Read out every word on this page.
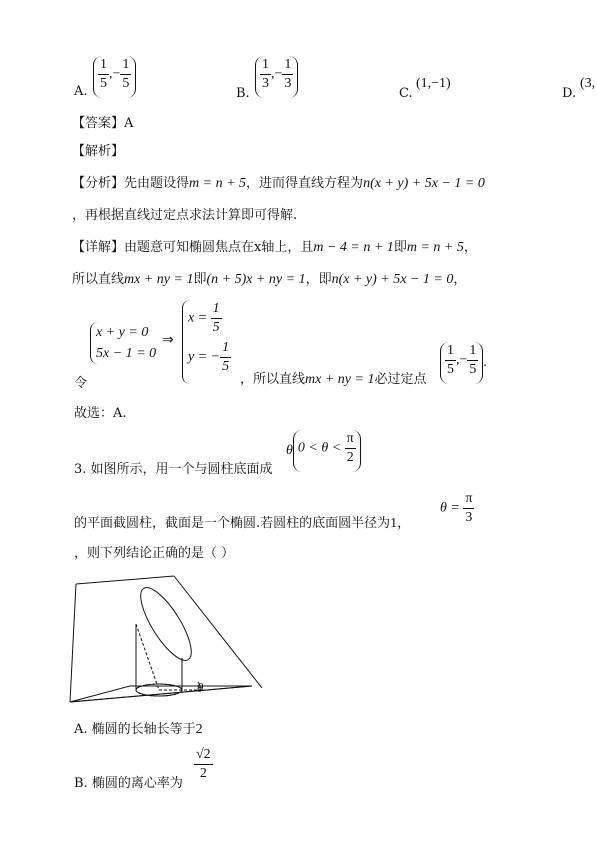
A.
$\frac{1}{5}$ ,− $\frac{1}{5}$
B.
$\frac{1}{3}$ ,− $\frac{1}{3}$
C.
(1,−1)
D.
(3,
【答案】A
【解析】
【分析】先由题设得m = n + 5，进而得直线方程为n(x + y) + 5x − 1 = 0
，再根据直线过定点求法计算即可得解.
【详解】由题意可知椭圆焦点在x轴上，且m − 4 = n + 1即m = n + 5，
所以直线mx + ny = 1即(n + 5)x + ny = 1，即n(x + y) + 5x − 1 = 0，
x + y = 0
5x − 1 = 0
⇒
$x = \frac{1}{5}$
y = − $\frac{1}{5}$
令	，所以直线mx + ny = 1必过定点
$\frac{1}{5}$ ,− $\frac{1}{5}$ .
故选：A.
3. 如图所示，用一个与圆柱底面成
θ $0 < \theta < \frac{\pi}{2}$
的平面截圆柱，截面是一个椭圆.若圆柱的底面圆半径为1，
$\theta = \frac{\pi}{3}$
，则下列结论正确的是（ ）
θ
A. 椭圆的长轴长等于2
B. 椭圆的离心率为
$\frac{√2}{2}$
